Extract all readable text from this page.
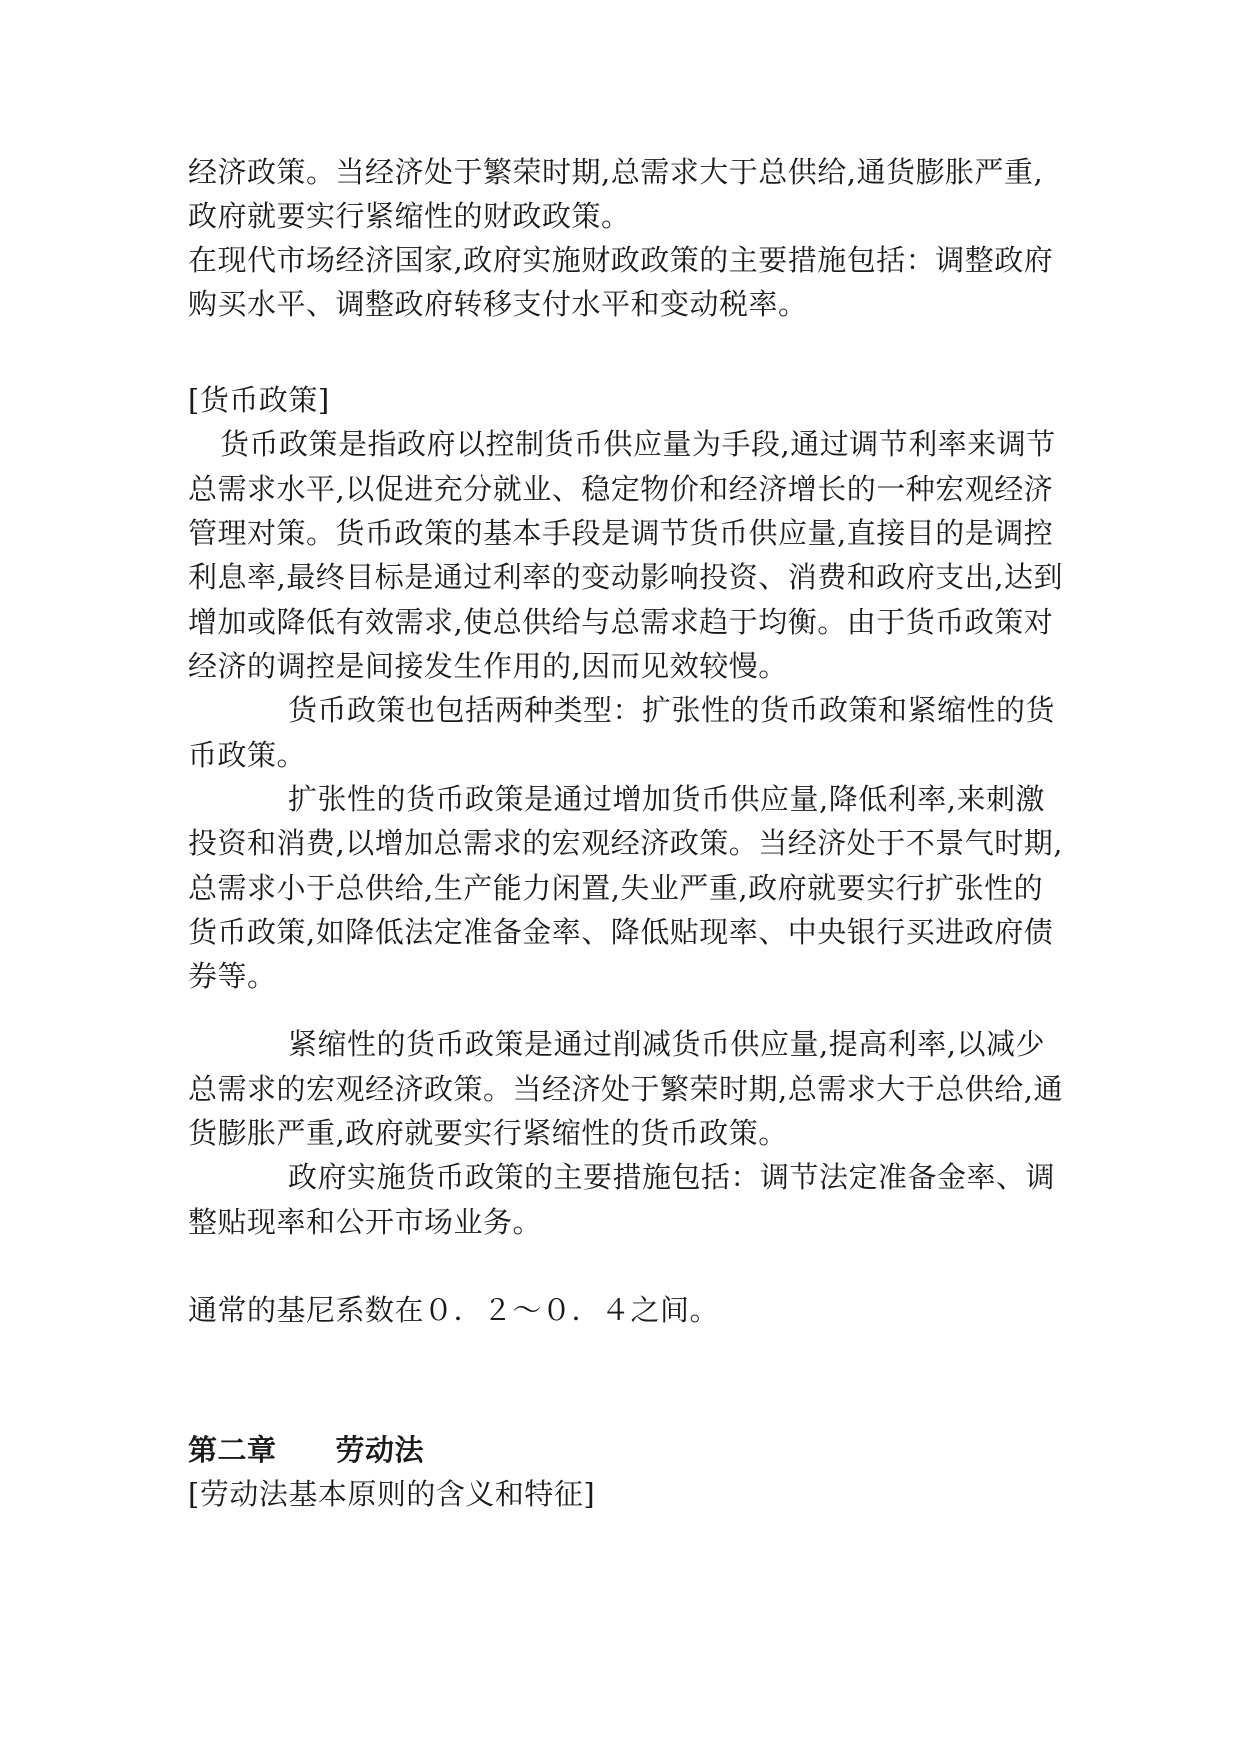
经济政策。当经济处于繁荣时期,总需求大于总供给,通货膨胀严重,
政府就要实行紧缩性的财政政策。
在现代市场经济国家,政府实施财政政策的主要措施包括：调整政府
购买水平、调整政府转移支付水平和变动税率。
[货币政策]
货币政策是指政府以控制货币供应量为手段,通过调节利率来调节
总需求水平,以促进充分就业、稳定物价和经济增长的一种宏观经济
管理对策。货币政策的基本手段是调节货币供应量,直接目的是调控
利息率,最终目标是通过利率的变动影响投资、消费和政府支出,达到
增加或降低有效需求,使总供给与总需求趋于均衡。由于货币政策对
经济的调控是间接发生作用的,因而见效较慢。
货币政策也包括两种类型：扩张性的货币政策和紧缩性的货
币政策。
扩张性的货币政策是通过增加货币供应量,降低利率,来刺激
投资和消费,以增加总需求的宏观经济政策。当经济处于不景气时期,
总需求小于总供给,生产能力闲置,失业严重,政府就要实行扩张性的
货币政策,如降低法定准备金率、降低贴现率、中央银行买进政府债
券等。
紧缩性的货币政策是通过削减货币供应量,提高利率,以减少
总需求的宏观经济政策。当经济处于繁荣时期,总需求大于总供给,通
货膨胀严重,政府就要实行紧缩性的货币政策。
政府实施货币政策的主要措施包括：调节法定准备金率、调
整贴现率和公开市场业务。
通常的基尼系数在０．２～０．４之间。
第二章　　劳动法
[劳动法基本原则的含义和特征]
